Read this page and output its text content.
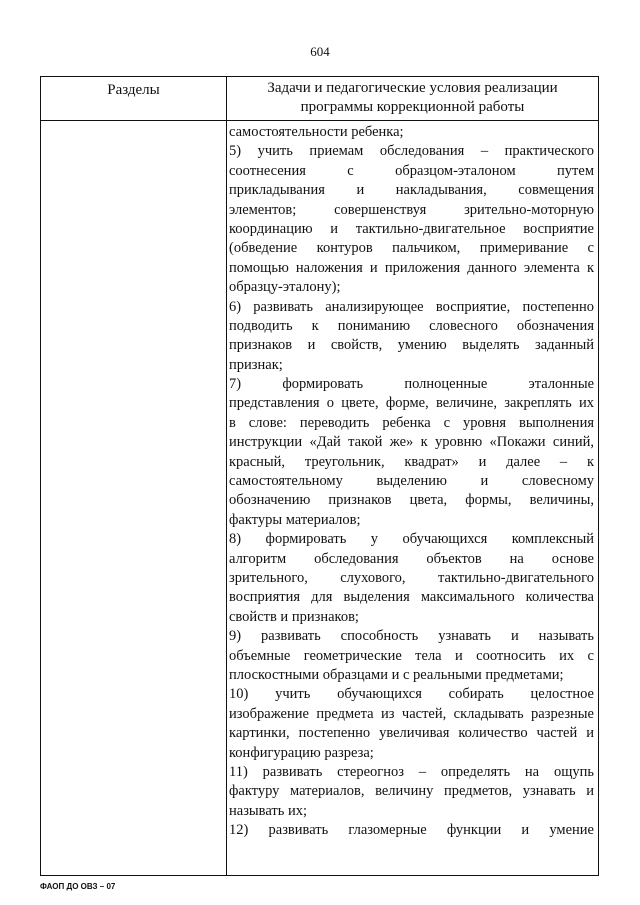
604
Разделы	Задачи и педагогические условия реализации
программы коррекционной работы
самостоятельности ребенка;
5) учить приемам обследования – практического
соотнесения с образцом-эталоном путем
прикладывания и накладывания, совмещения
элементов; совершенствуя зрительно-моторную
координацию и тактильно-двигательное восприятие
(обведение контуров пальчиком, примеривание с
помощью наложения и приложения данного элемента к
образцу-эталону);
6) развивать анализирующее восприятие, постепенно
подводить к пониманию словесного обозначения
признаков и свойств, умению выделять заданный
признак;
7) формировать полноценные эталонные
представления о цвете, форме, величине, закреплять их
в слове: переводить ребенка с уровня выполнения
инструкции «Дай такой же» к уровню «Покажи синий,
красный, треугольник, квадрат» и далее – к
самостоятельному выделению и словесному
обозначению признаков цвета, формы, величины,
фактуры материалов;
8) формировать у обучающихся комплексный
алгоритм обследования объектов на основе
зрительного, слухового, тактильно-двигательного
восприятия для выделения максимального количества
свойств и признаков;
9) развивать способность узнавать и называть
объемные геометрические тела и соотносить их с
плоскостными образцами и с реальными предметами;
10) учить обучающихся собирать целостное
изображение предмета из частей, складывать разрезные
картинки, постепенно увеличивая количество частей и
конфигурацию разреза;
11) развивать стереогноз – определять на ощупь
фактуру материалов, величину предметов, узнавать и
называть их;
12) развивать глазомерные функции и умение
ФАОП ДО ОВЗ – 07
